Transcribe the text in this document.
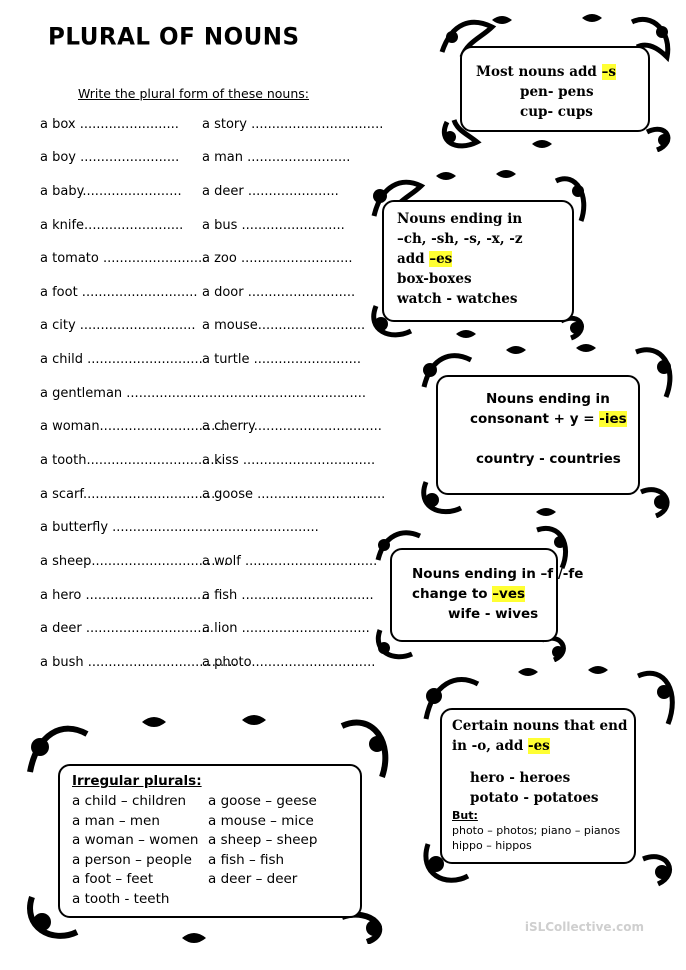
PLURAL OF NOUNS
Write the plural form of these nouns:
a box ........................ a story ................................
a boy ........................ a man .........................
a baby........................ a deer ......................
a knife........................ a bus .........................
a tomato .........................
a zoo ...........................
a foot ............................ a door ..........................
a city ............................ a mouse..........................
a child ............................ a turtle ..........................
a gentleman ..........................................................
a woman...............................
a cherry...............................
a tooth.................................
a kiss ................................
a scarf.................................
a goose ...............................
a butterfly ..................................................
a sheep.................................
a wolf ................................
a hero ..............................
a fish ................................
a deer ...............................
a lion ...............................
a bush ....................................
a photo..............................
Most nouns add –s
pen- pens
cup- cups
Nouns ending in
–ch, -sh, -s, -x, -z
add –es
box-boxes
watch - watches
Nouns ending in
consonant + y = -ies
country - countries
Nouns ending in –f /-fe
change to –ves
wife - wives
Certain nouns that end
in -o, add -es
hero - heroes
potato - potatoes
But:
photo – photos; piano – pianos
hippo – hippos
Irregular plurals:
a child – children
a man – men
a woman – women
a person – people
a foot – feet
a tooth - teeth
a goose – geese
a mouse – mice
a sheep – sheep
a fish – fish
a deer – deer
iSLCollective.com
